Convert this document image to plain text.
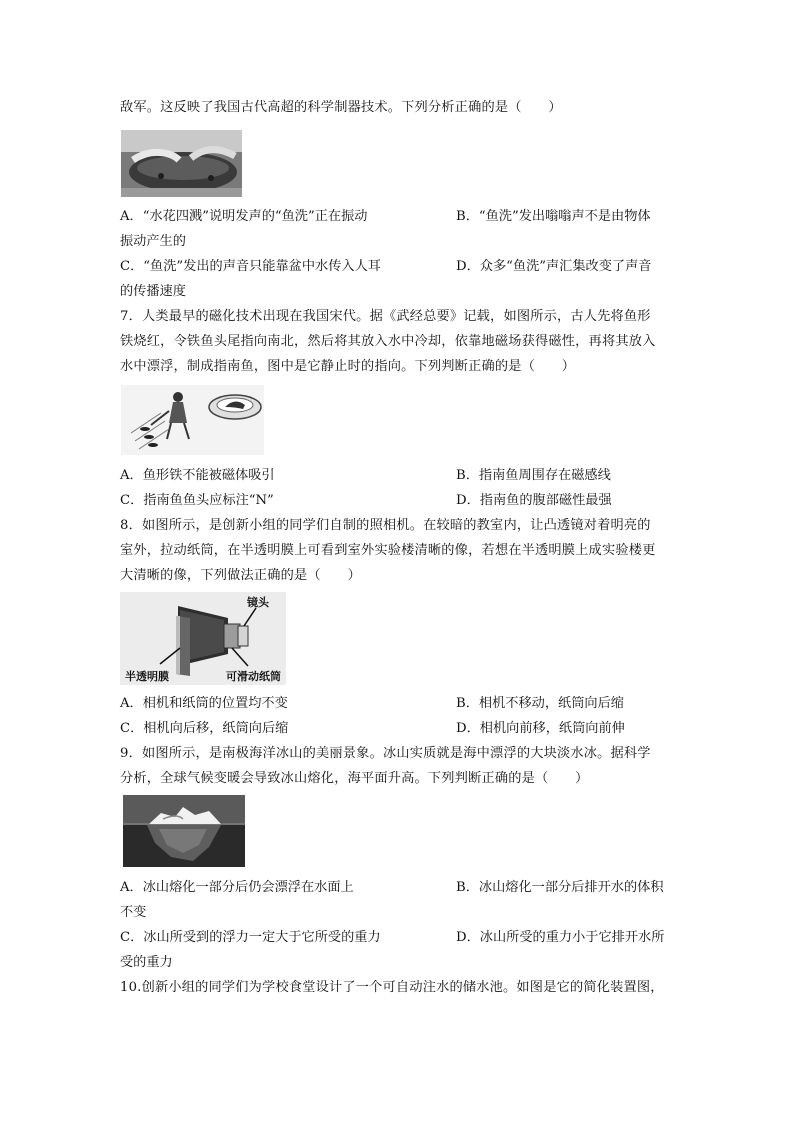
敌军。这反映了我国古代高超的科学制器技术。下列分析正确的是（　　）
A．“水花四溅”说明发声的“鱼洗”正在振动	B．“鱼洗”发出嗡嗡声不是由物体
振动产生的
C．“鱼洗”发出的声音只能靠盆中水传入人耳	D．众多“鱼洗”声汇集改变了声音
的传播速度
7．人类最早的磁化技术出现在我国宋代。据《武经总要》记载，如图所示，古人先将鱼形
铁烧红，令铁鱼头尾指向南北，然后将其放入水中冷却，依靠地磁场获得磁性，再将其放入
水中漂浮，制成指南鱼，图中是它静止时的指向。下列判断正确的是（　　）
A．鱼形铁不能被磁体吸引	B．指南鱼周围存在磁感线
C．指南鱼鱼头应标注“N”	D．指南鱼的腹部磁性最强
8．如图所示，是创新小组的同学们自制的照相机。在较暗的教室内，让凸透镜对着明亮的
室外，拉动纸筒，在半透明膜上可看到室外实验楼清晰的像，若想在半透明膜上成实验楼更
大清晰的像，下列做法正确的是（　　）
镜头
半透明膜	可滑动纸筒
A．相机和纸筒的位置均不变	B．相机不移动，纸筒向后缩
C．相机向后移，纸筒向后缩	D．相机向前移，纸筒向前伸
9．如图所示，是南极海洋冰山的美丽景象。冰山实质就是海中漂浮的大块淡水冰。据科学
分析，全球气候变暖会导致冰山熔化，海平面升高。下列判断正确的是（　　）
A．冰山熔化一部分后仍会漂浮在水面上	B．冰山熔化一部分后排开水的体积
不变
C．冰山所受到的浮力一定大于它所受的重力	D．冰山所受的重力小于它排开水所
受的重力
10.创新小组的同学们为学校食堂设计了一个可自动注水的储水池。如图是它的简化装置图，
